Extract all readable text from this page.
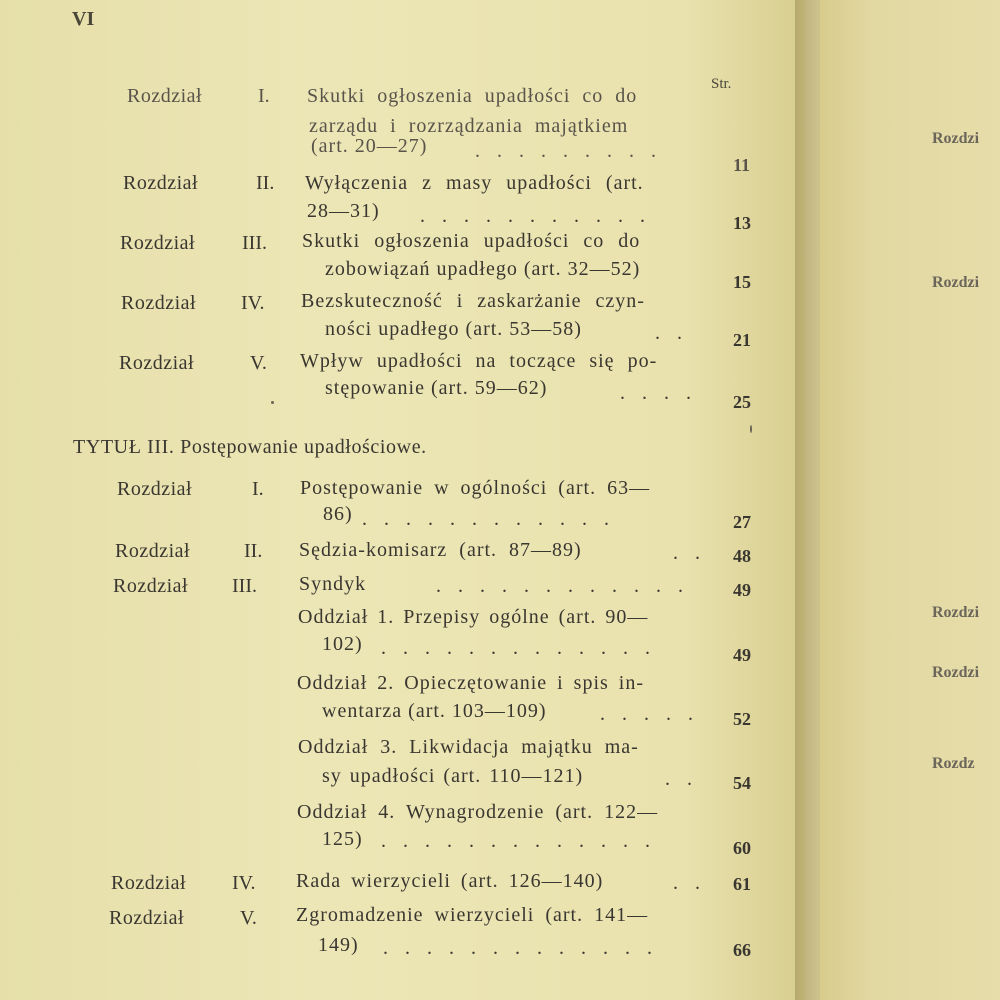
VI
Str.
Rozdział	I. Skutki ogłoszenia upadłości co do
zarządu i rozrządzania majątkiem
(art. 20—27) . . . . . . . . .
11
Rozdział	II. Wyłączenia z masy upadłości (art.
28—31) . . . . . . . . . . .	13
Rozdział III. Skutki ogłoszenia upadłości co do
zobowiązań upadłego (art. 32—52)
15
Rozdział IV. Bezskuteczność i zaskarżanie czyn-
ności upadłego (art. 53—58)	. .	21
Rozdział	V. Wpływ upadłości na toczące się po-
stępowanie (art. 59—62)	. . . . 25
TYTUŁ III. Postępowanie upadłościowe.
Rozdział	I. Postępowanie w ogólności (art. 63—
86) . . . . . . . . . . . .	27
Rozdział	II. Sędzia-komisarz (art. 87—89)	. . 48
Rozdział III. Syndyk	. . . . . . . . . . . . 49
Oddział 1. Przepisy ogólne (art. 90—
102) . . . . . . . . . . . . .	49
Oddział 2. Opieczętowanie i spis in-
wentarza (art. 103—109)	. . . . . 52
Oddział 3. Likwidacja majątku ma-
sy upadłości (art. 110—121)	. . 54
Oddział 4. Wynagrodzenie (art. 122—
125) . . . . . . . . . . . . .	60
Rozdział IV. Rada wierzycieli (art. 126—140)	. . 61
Rozdział	V. Zgromadzenie wierzycieli (art. 141—
149) . . . . . . . . . . . . .	66
Rozdzi
Rozdzi
Rozdzi
Rozdzi
Rozdz
